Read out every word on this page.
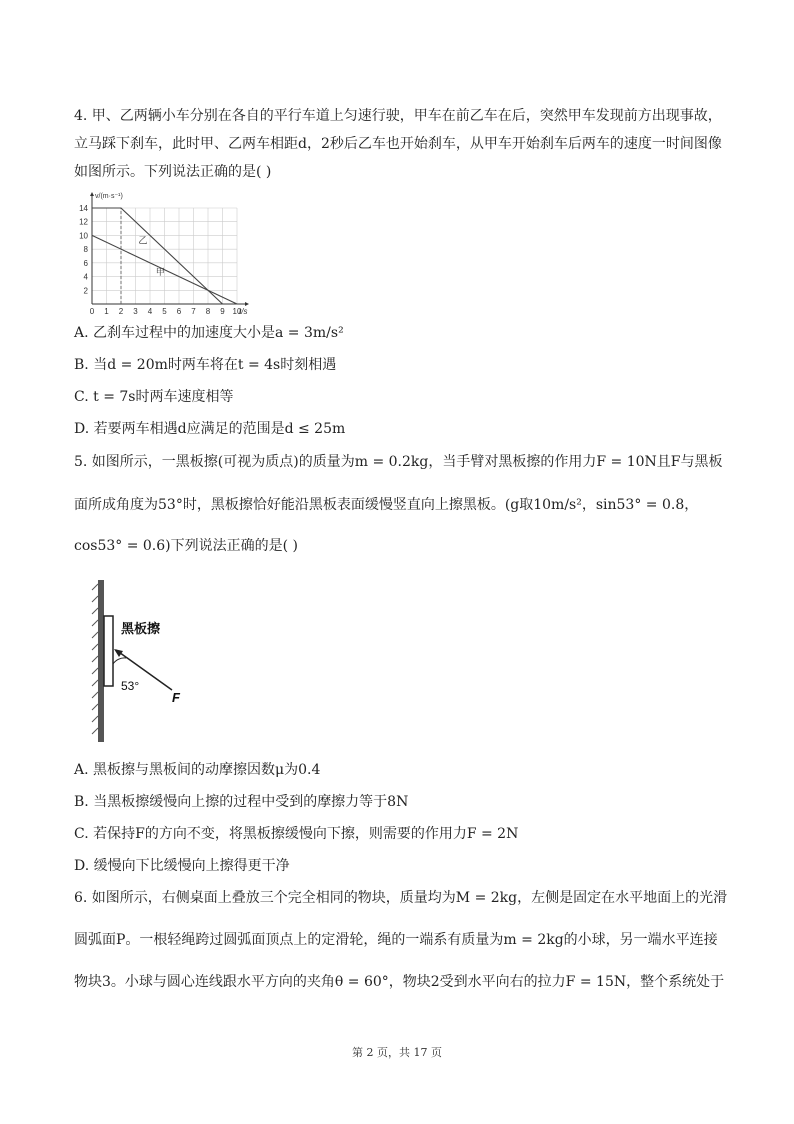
4. 甲、乙两辆小车分别在各自的平行车道上匀速行驶，甲车在前乙车在后，突然甲车发现前方出现事故，
立马踩下刹车，此时甲、乙两车相距d，2秒后乙车也开始刹车，从甲车开始刹车后两车的速度一时间图像
如图所示。下列说法正确的是( )
2
4
6
8
10
12
14
0 1 2 3 4 5 6 7 8 9 10
v/(m·s⁻¹)
t/s
乙
甲
A. 乙刹车过程中的加速度大小是a = 3m/s²
B. 当d = 20m时两车将在t = 4s时刻相遇
C. t = 7s时两车速度相等
D. 若要两车相遇d应满足的范围是d ≤ 25m
5. 如图所示，一黑板擦(可视为质点)的质量为m = 0.2kg，当手臂对黑板擦的作用力F = 10N且F与黑板
面所成角度为53°时，黑板擦恰好能沿黑板表面缓慢竖直向上擦黑板。(g取10m/s²，sin53° = 0.8，
cos53° = 0.6)下列说法正确的是( )
黑板擦
53°
F
A. 黑板擦与黑板间的动摩擦因数μ为0.4
B. 当黑板擦缓慢向上擦的过程中受到的摩擦力等于8N
C. 若保持F的方向不变，将黑板擦缓慢向下擦，则需要的作用力F = 2N
D. 缓慢向下比缓慢向上擦得更干净
6. 如图所示，右侧桌面上叠放三个完全相同的物块，质量均为M = 2kg，左侧是固定在水平地面上的光滑
圆弧面P。一根轻绳跨过圆弧面顶点上的定滑轮，绳的一端系有质量为m = 2kg的小球，另一端水平连接
物块3。小球与圆心连线跟水平方向的夹角θ = 60°，物块2受到水平向右的拉力F = 15N，整个系统处于
第 2 页，共 17 页
